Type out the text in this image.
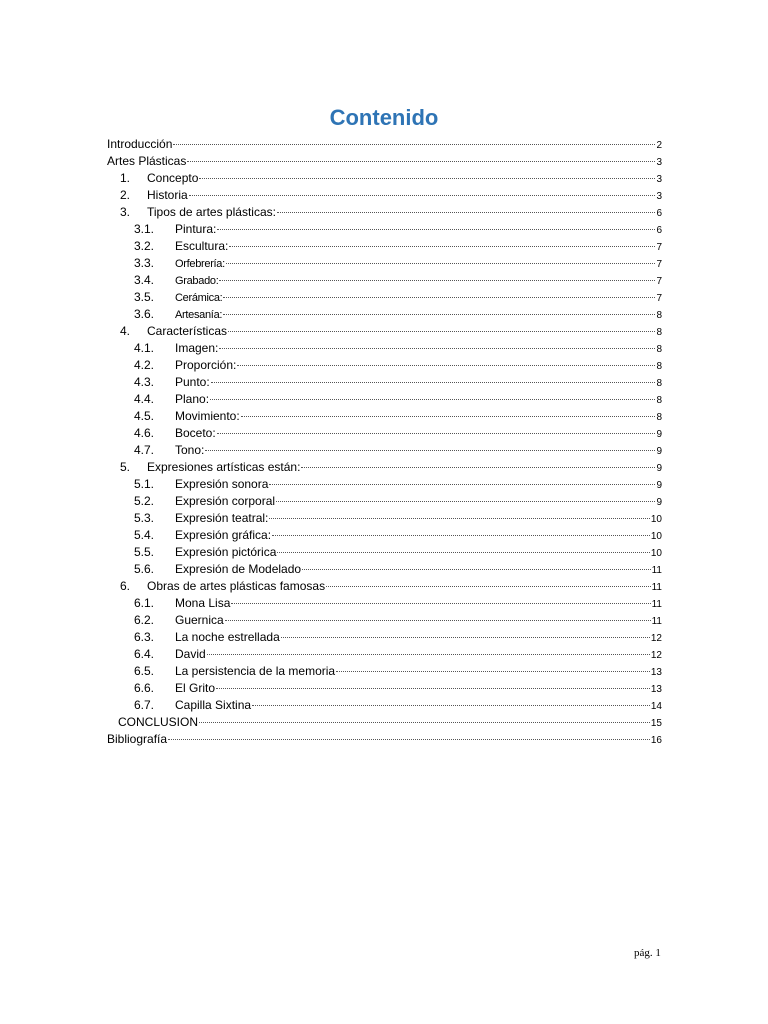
Contenido
Introducción	2
Artes Plásticas	3
1.	Concepto	3
2.	Historia	3
3.	Tipos de artes plásticas:	6
3.1.	Pintura:	6
3.2.	Escultura:	7
3.3.	Orfebrería:	7
3.4.	Grabado:	7
3.5.	Cerámica:	7
3.6.	Artesanía:	8
4.	Características	8
4.1.	Imagen:	8
4.2.	Proporción:	8
4.3.	Punto:	8
4.4.	Plano:	8
4.5.	Movimiento:	8
4.6.	Boceto:	9
4.7.	Tono:	9
5.	Expresiones artísticas están:	9
5.1.	Expresión sonora	9
5.2.	Expresión corporal	9
5.3.	Expresión teatral:	10
5.4.	Expresión gráfica:	10
5.5.	Expresión pictórica	10
5.6.	Expresión de Modelado	11
6.	Obras de artes plásticas famosas	11
6.1.	Mona Lisa	11
6.2.	Guernica	11
6.3.	La noche estrellada	12
6.4.	David	12
6.5.	La persistencia de la memoria	13
6.6.	El Grito	13
6.7.	Capilla Sixtina	14
CONCLUSION	15
Bibliografía	16
pág. 1
